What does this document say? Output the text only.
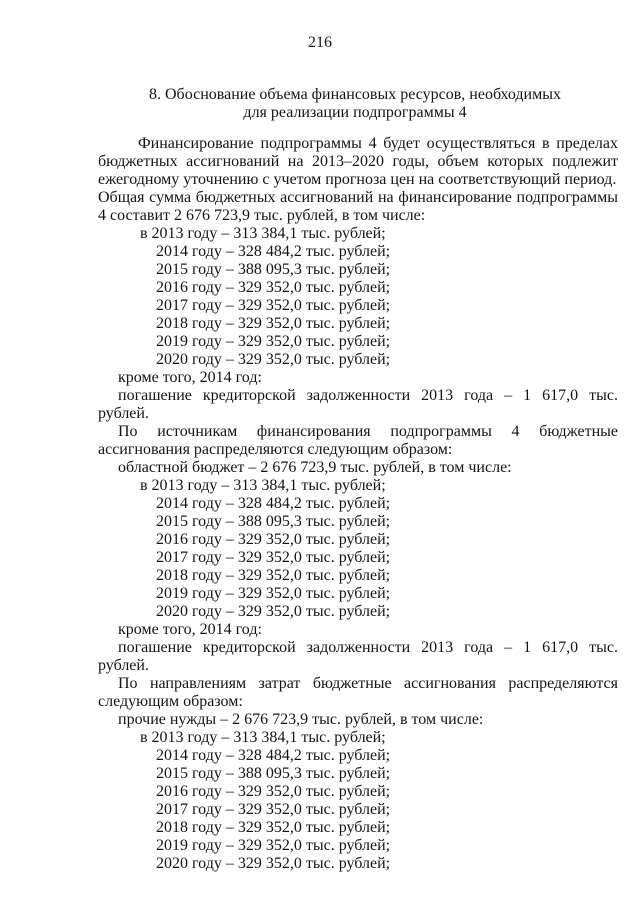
216
8. Обоснование объема финансовых ресурсов, необходимых
для реализации подпрограммы 4

Финансирование подпрограммы 4 будет осуществляться в пределах бюджетных ассигнований на 2013–2020 годы, объем которых подлежит ежегодному уточнению с учетом прогноза цен на соответствующий период.

Общая сумма бюджетных ассигнований на финансирование подпрограммы 4 составит 2 676 723,9 тыс. рублей, в том числе:

в 2013 году – 313 384,1 тыс. рублей;

2014 году – 328 484,2 тыс. рублей;

2015 году – 388 095,3 тыс. рублей;

2016 году – 329 352,0 тыс. рублей;

2017 году – 329 352,0 тыс. рублей;

2018 году – 329 352,0 тыс. рублей;

2019 году – 329 352,0 тыс. рублей;

2020 году – 329 352,0 тыс. рублей;

кроме того, 2014 год:

погашение кредиторской задолженности 2013 года – 1 617,0 тыс.

рублей.

По источникам финансирования подпрограммы 4 бюджетные

ассигнования распределяются следующим образом:

областной бюджет – 2 676 723,9 тыс. рублей, в том числе:

в 2013 году – 313 384,1 тыс. рублей;

2014 году – 328 484,2 тыс. рублей;

2015 году – 388 095,3 тыс. рублей;

2016 году – 329 352,0 тыс. рублей;

2017 году – 329 352,0 тыс. рублей;

2018 году – 329 352,0 тыс. рублей;

2019 году – 329 352,0 тыс. рублей;

2020 году – 329 352,0 тыс. рублей;

кроме того, 2014 год:

погашение кредиторской задолженности 2013 года – 1 617,0 тыс.

рублей.

По направлениям затрат бюджетные ассигнования распределяются

следующим образом:

прочие нужды – 2 676 723,9 тыс. рублей, в том числе:

в 2013 году – 313 384,1 тыс. рублей;

2014 году – 328 484,2 тыс. рублей;

2015 году – 388 095,3 тыс. рублей;

2016 году – 329 352,0 тыс. рублей;

2017 году – 329 352,0 тыс. рублей;

2018 году – 329 352,0 тыс. рублей;

2019 году – 329 352,0 тыс. рублей;

2020 году – 329 352,0 тыс. рублей;
